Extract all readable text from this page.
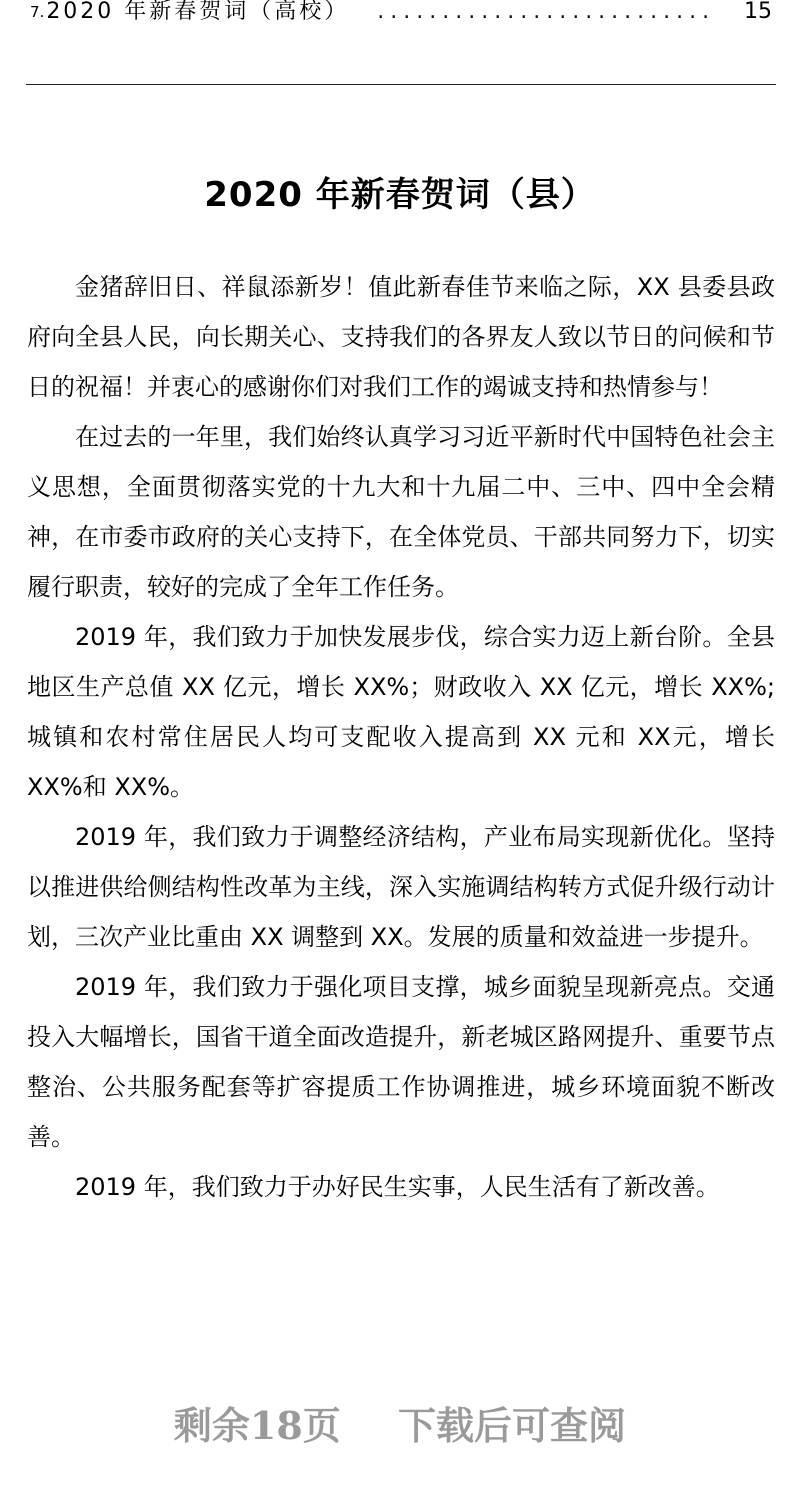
7. 2020 年新春贺词（高校） ..........................	15
2020 年新春贺词（县）

金猪辞旧日、祥鼠添新岁！值此新春佳节来临之际，XX 县委县政府向全县人民，向长期关心、支持我们的各界友人致以节日的问候和节日的祝福！并衷心的感谢你们对我们工作的竭诚支持和热情参与！

在过去的一年里，我们始终认真学习习近平新时代中国特色社会主义思想，全面贯彻落实党的十九大和十九届二中、三中、四中全会精神，在市委市政府的关心支持下，在全体党员、干部共同努力下，切实履行职责，较好的完成了全年工作任务。

2019 年，我们致力于加快发展步伐，综合实力迈上新台阶。全县地区生产总值 XX 亿元，增长 XX%；财政收入 XX 亿元，增长 XX%;城镇和农村常住居民人均可支配收入提高到 XX 元和 XX元，增长 XX%和 XX%。

2019 年，我们致力于调整经济结构，产业布局实现新优化。坚持以推进供给侧结构性改革为主线，深入实施调结构转方式促升级行动计划，三次产业比重由 XX 调整到 XX。发展的质量和效益进一步提升。

2019 年，我们致力于强化项目支撑，城乡面貌呈现新亮点。交通投入大幅增长，国省干道全面改造提升，新老城区路网提升、重要节点整治、公共服务配套等扩容提质工作协调推进，城乡环境面貌不断改善。

2019 年，我们致力于办好民生实事，人民生活有了新改善。

剩余18页 下载后可查阅
